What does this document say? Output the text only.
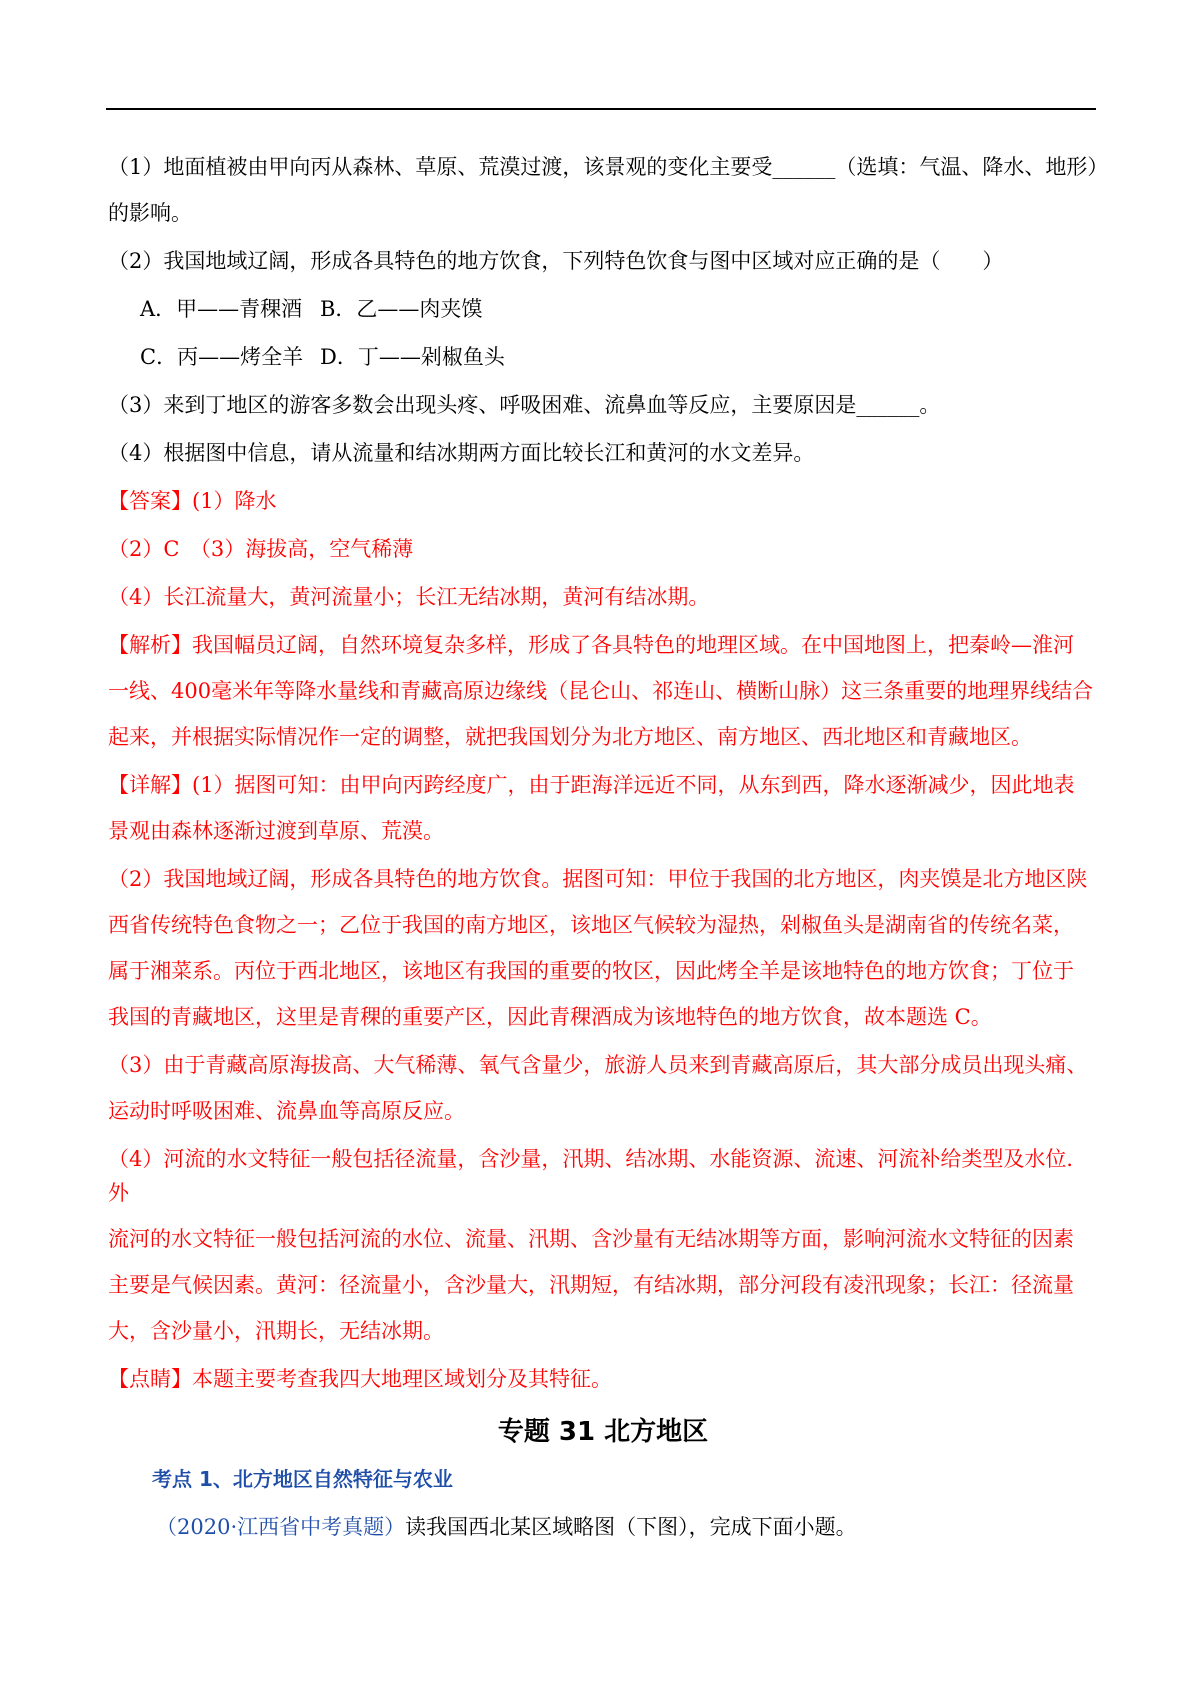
（1）地面植被由甲向丙从森林、草原、荒漠过渡，该景观的变化主要受______（选填：气温、降水、地形）

的影响。

（2）我国地域辽阔，形成各具特色的地方饮食，下列特色饮食与图中区域对应正确的是（　　）

A．甲——青稞酒 B．乙——肉夹馍
C．丙——烤全羊 D．丁——剁椒鱼头

（3）来到丁地区的游客多数会出现头疼、呼吸困难、流鼻血等反应，主要原因是______。

（4）根据图中信息，请从流量和结冰期两方面比较长江和黄河的水文差异。

【答案】(1）降水

（2）C　（3）海拔高，空气稀薄

（4）长江流量大，黄河流量小；长江无结冰期，黄河有结冰期。

【解析】我国幅员辽阔，自然环境复杂多样，形成了各具特色的地理区域。在中国地图上，把秦岭—淮河

一线、400毫米年等降水量线和青藏高原边缘线（昆仑山、祁连山、横断山脉）这三条重要的地理界线结合

起来，并根据实际情况作一定的调整，就把我国划分为北方地区、南方地区、西北地区和青藏地区。

【详解】(1）据图可知：由甲向丙跨经度广，由于距海洋远近不同，从东到西，降水逐渐减少，因此地表

景观由森林逐渐过渡到草原、荒漠。

（2）我国地域辽阔，形成各具特色的地方饮食。据图可知：甲位于我国的北方地区，肉夹馍是北方地区陕

西省传统特色食物之一；乙位于我国的南方地区，该地区气候较为湿热，剁椒鱼头是湖南省的传统名菜，

属于湘菜系。丙位于西北地区，该地区有我国的重要的牧区，因此烤全羊是该地特色的地方饮食；丁位于

我国的青藏地区，这里是青稞的重要产区，因此青稞酒成为该地特色的地方饮食，故本题选 C。

（3）由于青藏高原海拔高、大气稀薄、氧气含量少，旅游人员来到青藏高原后，其大部分成员出现头痛、

运动时呼吸困难、流鼻血等高原反应。

（4）河流的水文特征一般包括径流量，含沙量，汛期、结冰期、水能资源、流速、河流补给类型及水位．外

流河的水文特征一般包括河流的水位、流量、汛期、含沙量有无结冰期等方面，影响河流水文特征的因素

主要是气候因素。黄河：径流量小，含沙量大，汛期短，有结冰期，部分河段有凌汛现象；长江：径流量

大，含沙量小，汛期长，无结冰期。

【点睛】本题主要考查我四大地理区域划分及其特征。

专题 31 北方地区

考点 1、北方地区自然特征与农业

（2020·江西省中考真题）读我国西北某区域略图（下图），完成下面小题。
